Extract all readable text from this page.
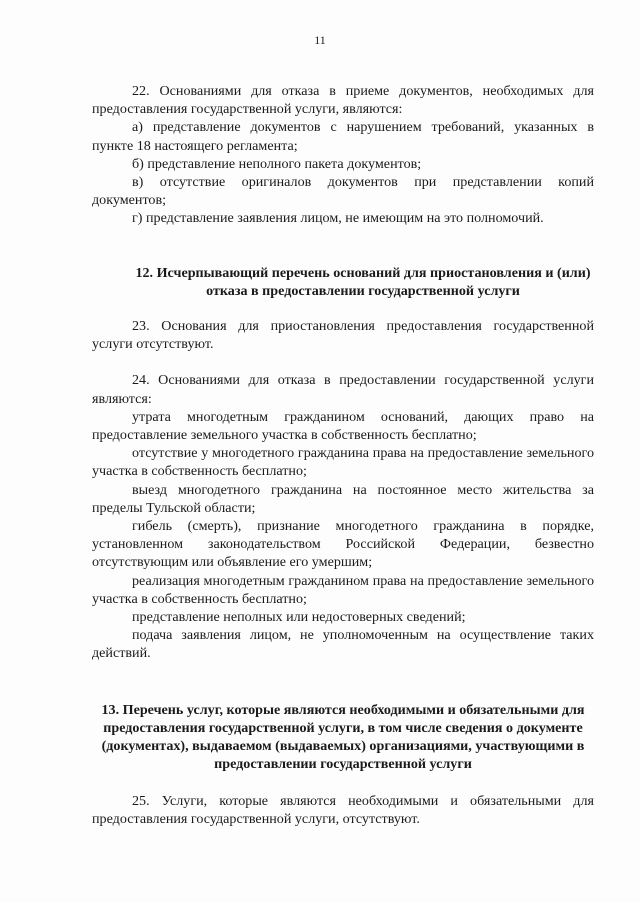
11

22. Основаниями для отказа в приеме документов, необходимых для предоставления государственной услуги, являются:

а) представление документов с нарушением требований, указанных в пункте 18 настоящего регламента;

б) представление неполного пакета документов;

в) отсутствие оригиналов документов при представлении копий документов;

г) представление заявления лицом, не имеющим на это полномочий.

12. Исчерпывающий перечень оснований для приостановления и (или) отказа в предоставлении государственной услуги

23. Основания для приостановления предоставления государственной услуги отсутствуют.

24. Основаниями для отказа в предоставлении государственной услуги являются:

утрата многодетным гражданином оснований, дающих право на предоставление земельного участка в собственность бесплатно;

отсутствие у многодетного гражданина права на предоставление земельного участка в собственность бесплатно;

выезд многодетного гражданина на постоянное место жительства за пределы Тульской области;

гибель (смерть), признание многодетного гражданина в порядке, установленном законодательством Российской Федерации, безвестно отсутствующим или объявление его умершим;

реализация многодетным гражданином права на предоставление земельного участка в собственность бесплатно;

представление неполных или недостоверных сведений;

подача заявления лицом, не уполномоченным на осуществление таких действий.

13. Перечень услуг, которые являются необходимыми и обязательными для предоставления государственной услуги, в том числе сведения о документе (документах), выдаваемом (выдаваемых) организациями, участвующими в предоставлении государственной услуги

25. Услуги, которые являются необходимыми и обязательными для предоставления государственной услуги, отсутствуют.
